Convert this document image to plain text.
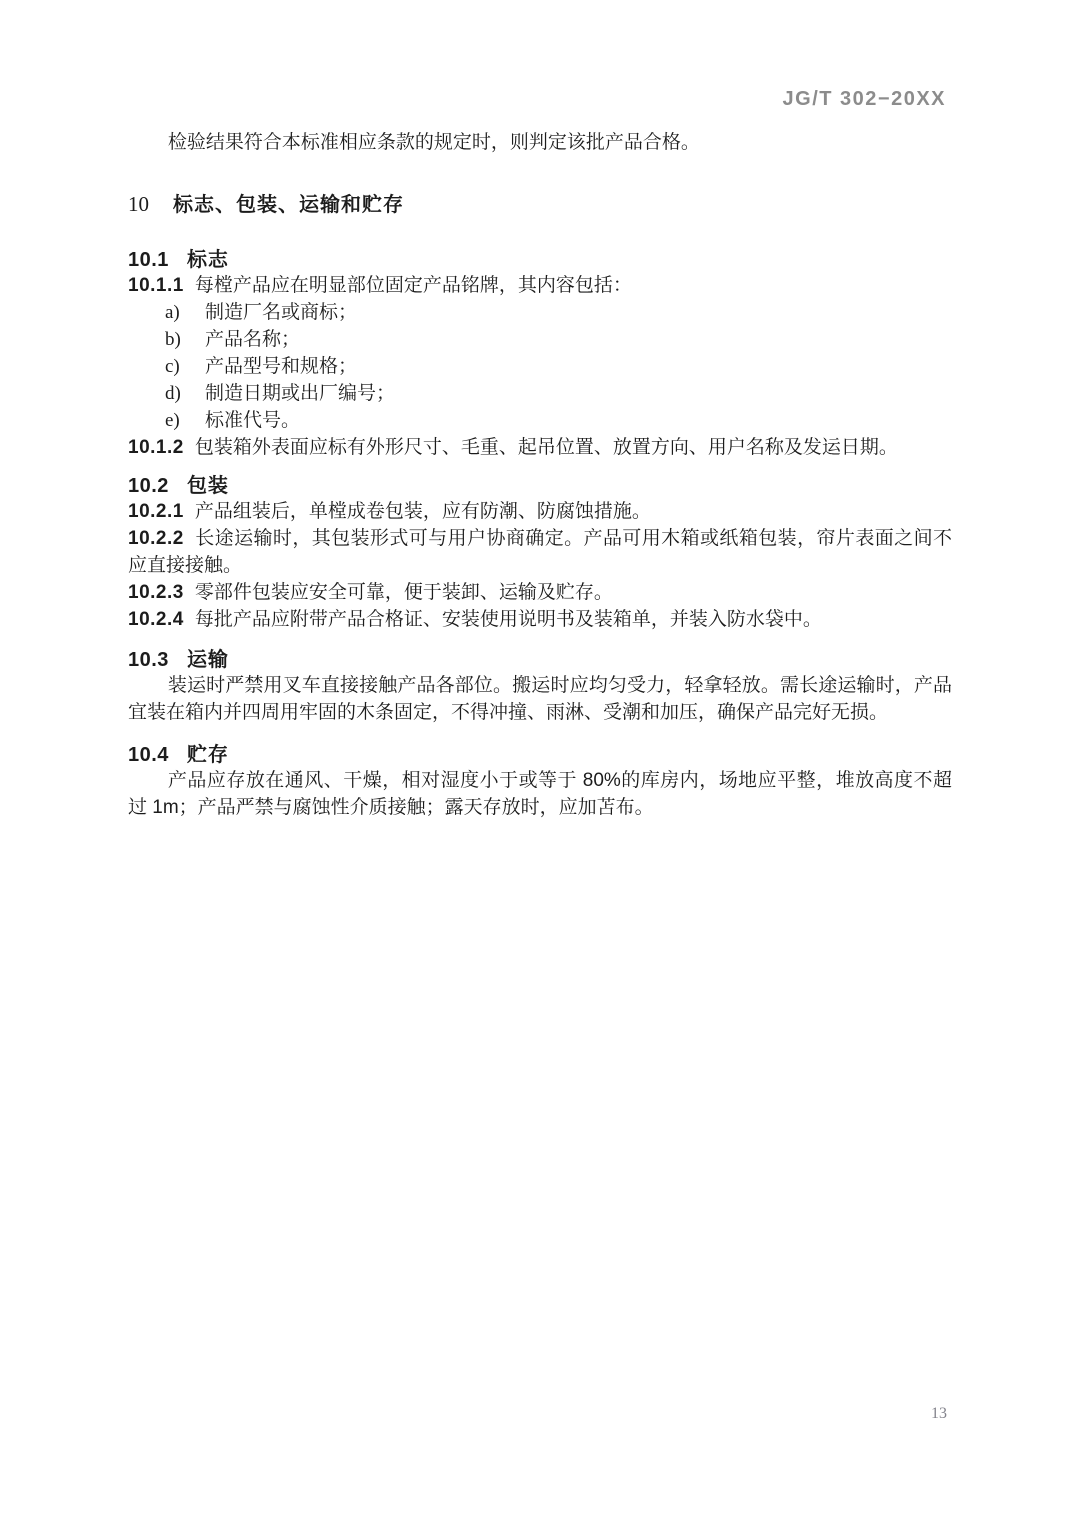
JG/T 302−20XX

检验结果符合本标准相应条款的规定时，则判定该批产品合格。

10 标志、包装、运输和贮存
10.1 标志

10.1.1 每樘产品应在明显部位固定产品铭牌，其内容包括：

a)	制造厂名或商标；
b)	产品名称；
c)	产品型号和规格；
d)	制造日期或出厂编号；
e)	标准代号。

10.1.2 包装箱外表面应标有外形尺寸、毛重、起吊位置、放置方向、用户名称及发运日期。

10.2 包装

10.2.1 产品组装后，单樘成卷包装，应有防潮、防腐蚀措施。

10.2.2 长途运输时，其包装形式可与用户协商确定。产品可用木箱或纸箱包装，帘片表面之间不应直接接触。

10.2.3 零部件包装应安全可靠，便于装卸、运输及贮存。

10.2.4 每批产品应附带产品合格证、安装使用说明书及装箱单，并装入防水袋中。

10.3 运输

装运时严禁用叉车直接接触产品各部位。搬运时应均匀受力，轻拿轻放。需长途运输时，产品宜装在箱内并四周用牢固的木条固定，不得冲撞、雨淋、受潮和加压，确保产品完好无损。

10.4 贮存

产品应存放在通风、干燥，相对湿度小于或等于 80%的库房内，场地应平整，堆放高度不超过 1m；产品严禁与腐蚀性介质接触；露天存放时，应加苫布。

13
